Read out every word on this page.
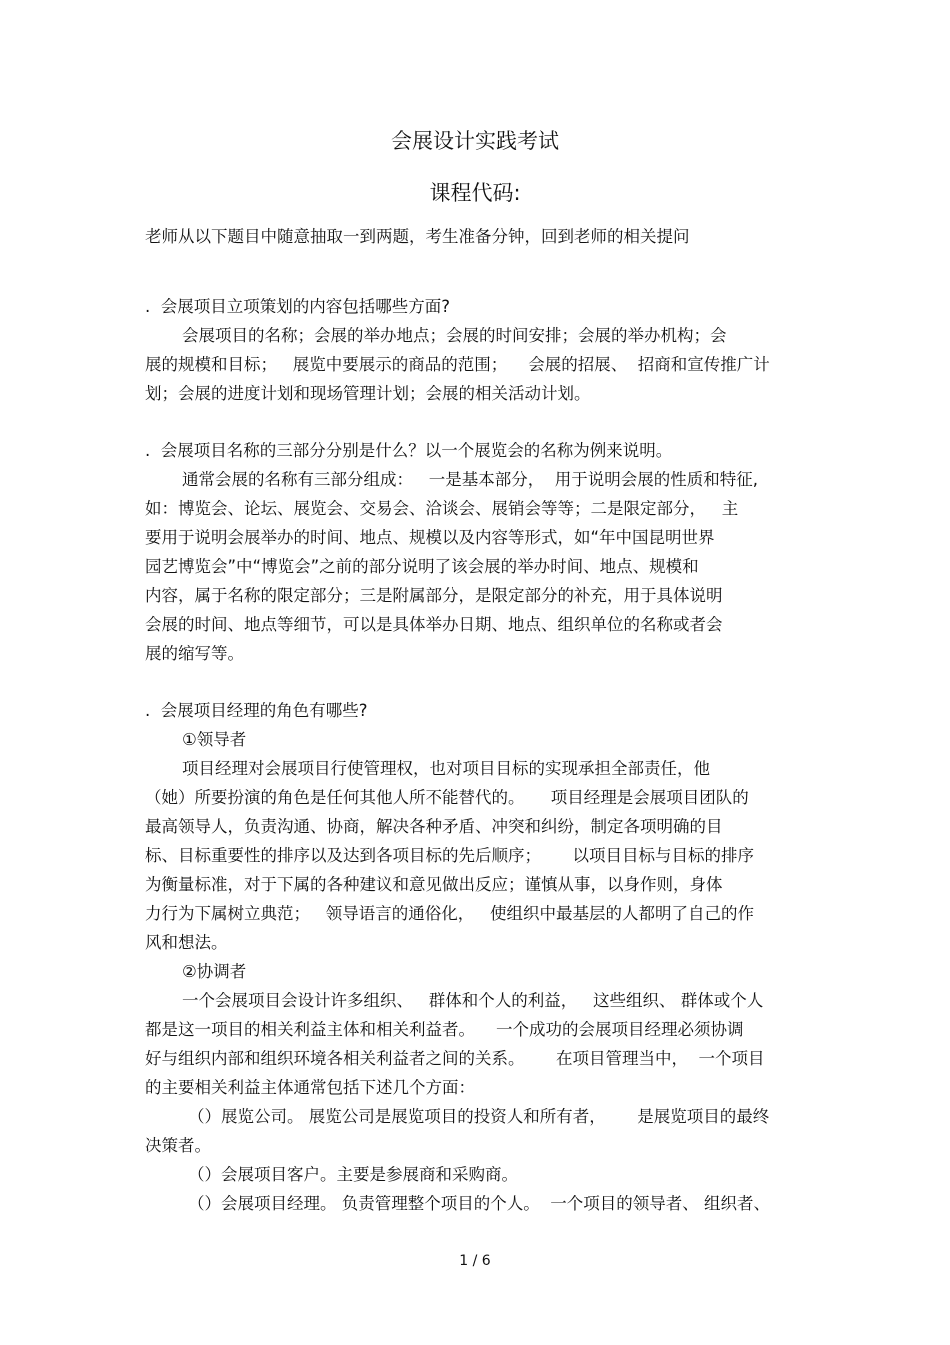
会展设计实践考试
课程代码:
老师从以下题目中随意抽取一到两题，考生准备分钟，回到老师的相关提问
.  会展项目立项策划的内容包括哪些方面?
会展项目的名称；会展的举办地点；会展的时间安排；会展的举办机构；会
展的规模和目标；   展览中要展示的商品的范围；    会展的招展、  招商和宣传推广计
划；会展的进度计划和现场管理计划；会展的相关活动计划。
.  会展项目名称的三部分分别是什么？以一个展览会的名称为例来说明。
通常会展的名称有三部分组成：   一是基本部分，  用于说明会展的性质和特征,
如：博览会、论坛、展览会、交易会、洽谈会、展销会等等；二是限定部分，   主
要用于说明会展举办的时间、地点、规模以及内容等形式，如“年中国昆明世界
园艺博览会”中“博览会”之前的部分说明了该会展的举办时间、地点、规模和
内容，属于名称的限定部分；三是附属部分，是限定部分的补充，用于具体说明
会展的时间、地点等细节，可以是具体举办日期、地点、组织单位的名称或者会
展的缩写等。
.  会展项目经理的角色有哪些?
①领导者
项目经理对会展项目行使管理权，也对项目目标的实现承担全部责任，他
（她）所要扮演的角色是任何其他人所不能替代的。     项目经理是会展项目团队的
最高领导人，负责沟通、协商，解决各种矛盾、冲突和纠纷，制定各项明确的目
标、目标重要性的排序以及达到各项目标的先后顺序；      以项目目标与目标的排序
为衡量标准，对于下属的各种建议和意见做出反应；谨慎从事，以身作则，身体
力行为下属树立典范；   领导语言的通俗化，   使组织中最基层的人都明了自己的作
风和想法。
②协调者
一个会展项目会设计许多组织、   群体和个人的利益，   这些组织、 群体或个人
都是这一项目的相关利益主体和相关利益者。    一个成功的会展项目经理必须协调
好与组织内部和组织环境各相关利益者之间的关系。      在项目管理当中，  一个项目
的主要相关利益主体通常包括下述几个方面：
（）展览公司。 展览公司是展览项目的投资人和所有者，      是展览项目的最终
决策者。
（）会展项目客户。主要是参展商和采购商。
（）会展项目经理。 负责管理整个项目的个人。  一个项目的领导者、 组织者、
1 / 6
